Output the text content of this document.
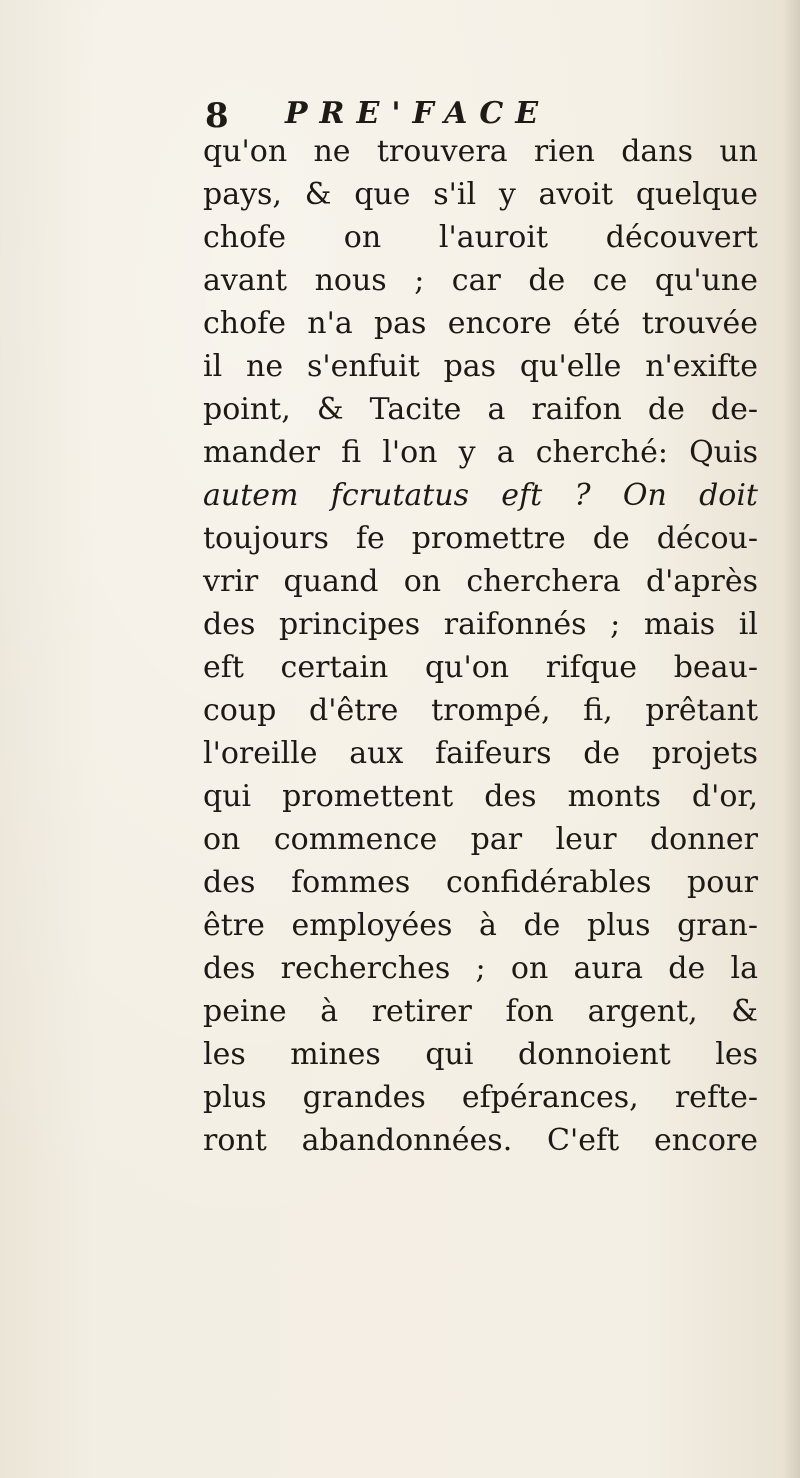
8 PRE'FACE
qu'on ne trouvera rien dans un
pays, & que s'il y avoit quelque
chofe on l'auroit découvert
avant nous ; car de ce qu'une
chofe n'a pas encore été trouvée
il ne s'enfuit pas qu'elle n'exifte
point, & Tacite a raifon de de-
mander fi l'on y a cherché: Quis
autem fcrutatus eft ? On doit
toujours fe promettre de décou-
vrir quand on cherchera d'après
des principes raifonnés ; mais il
eft certain qu'on rifque beau-
coup d'être trompé, fi, prêtant
l'oreille aux faifeurs de projets
qui promettent des monts d'or,
on commence par leur donner
des fommes confidérables pour
être employées à de plus gran-
des recherches ; on aura de la
peine à retirer fon argent, &
les mines qui donnoient les
plus grandes efpérances, refte-
ront abandonnées. C'eft encore
